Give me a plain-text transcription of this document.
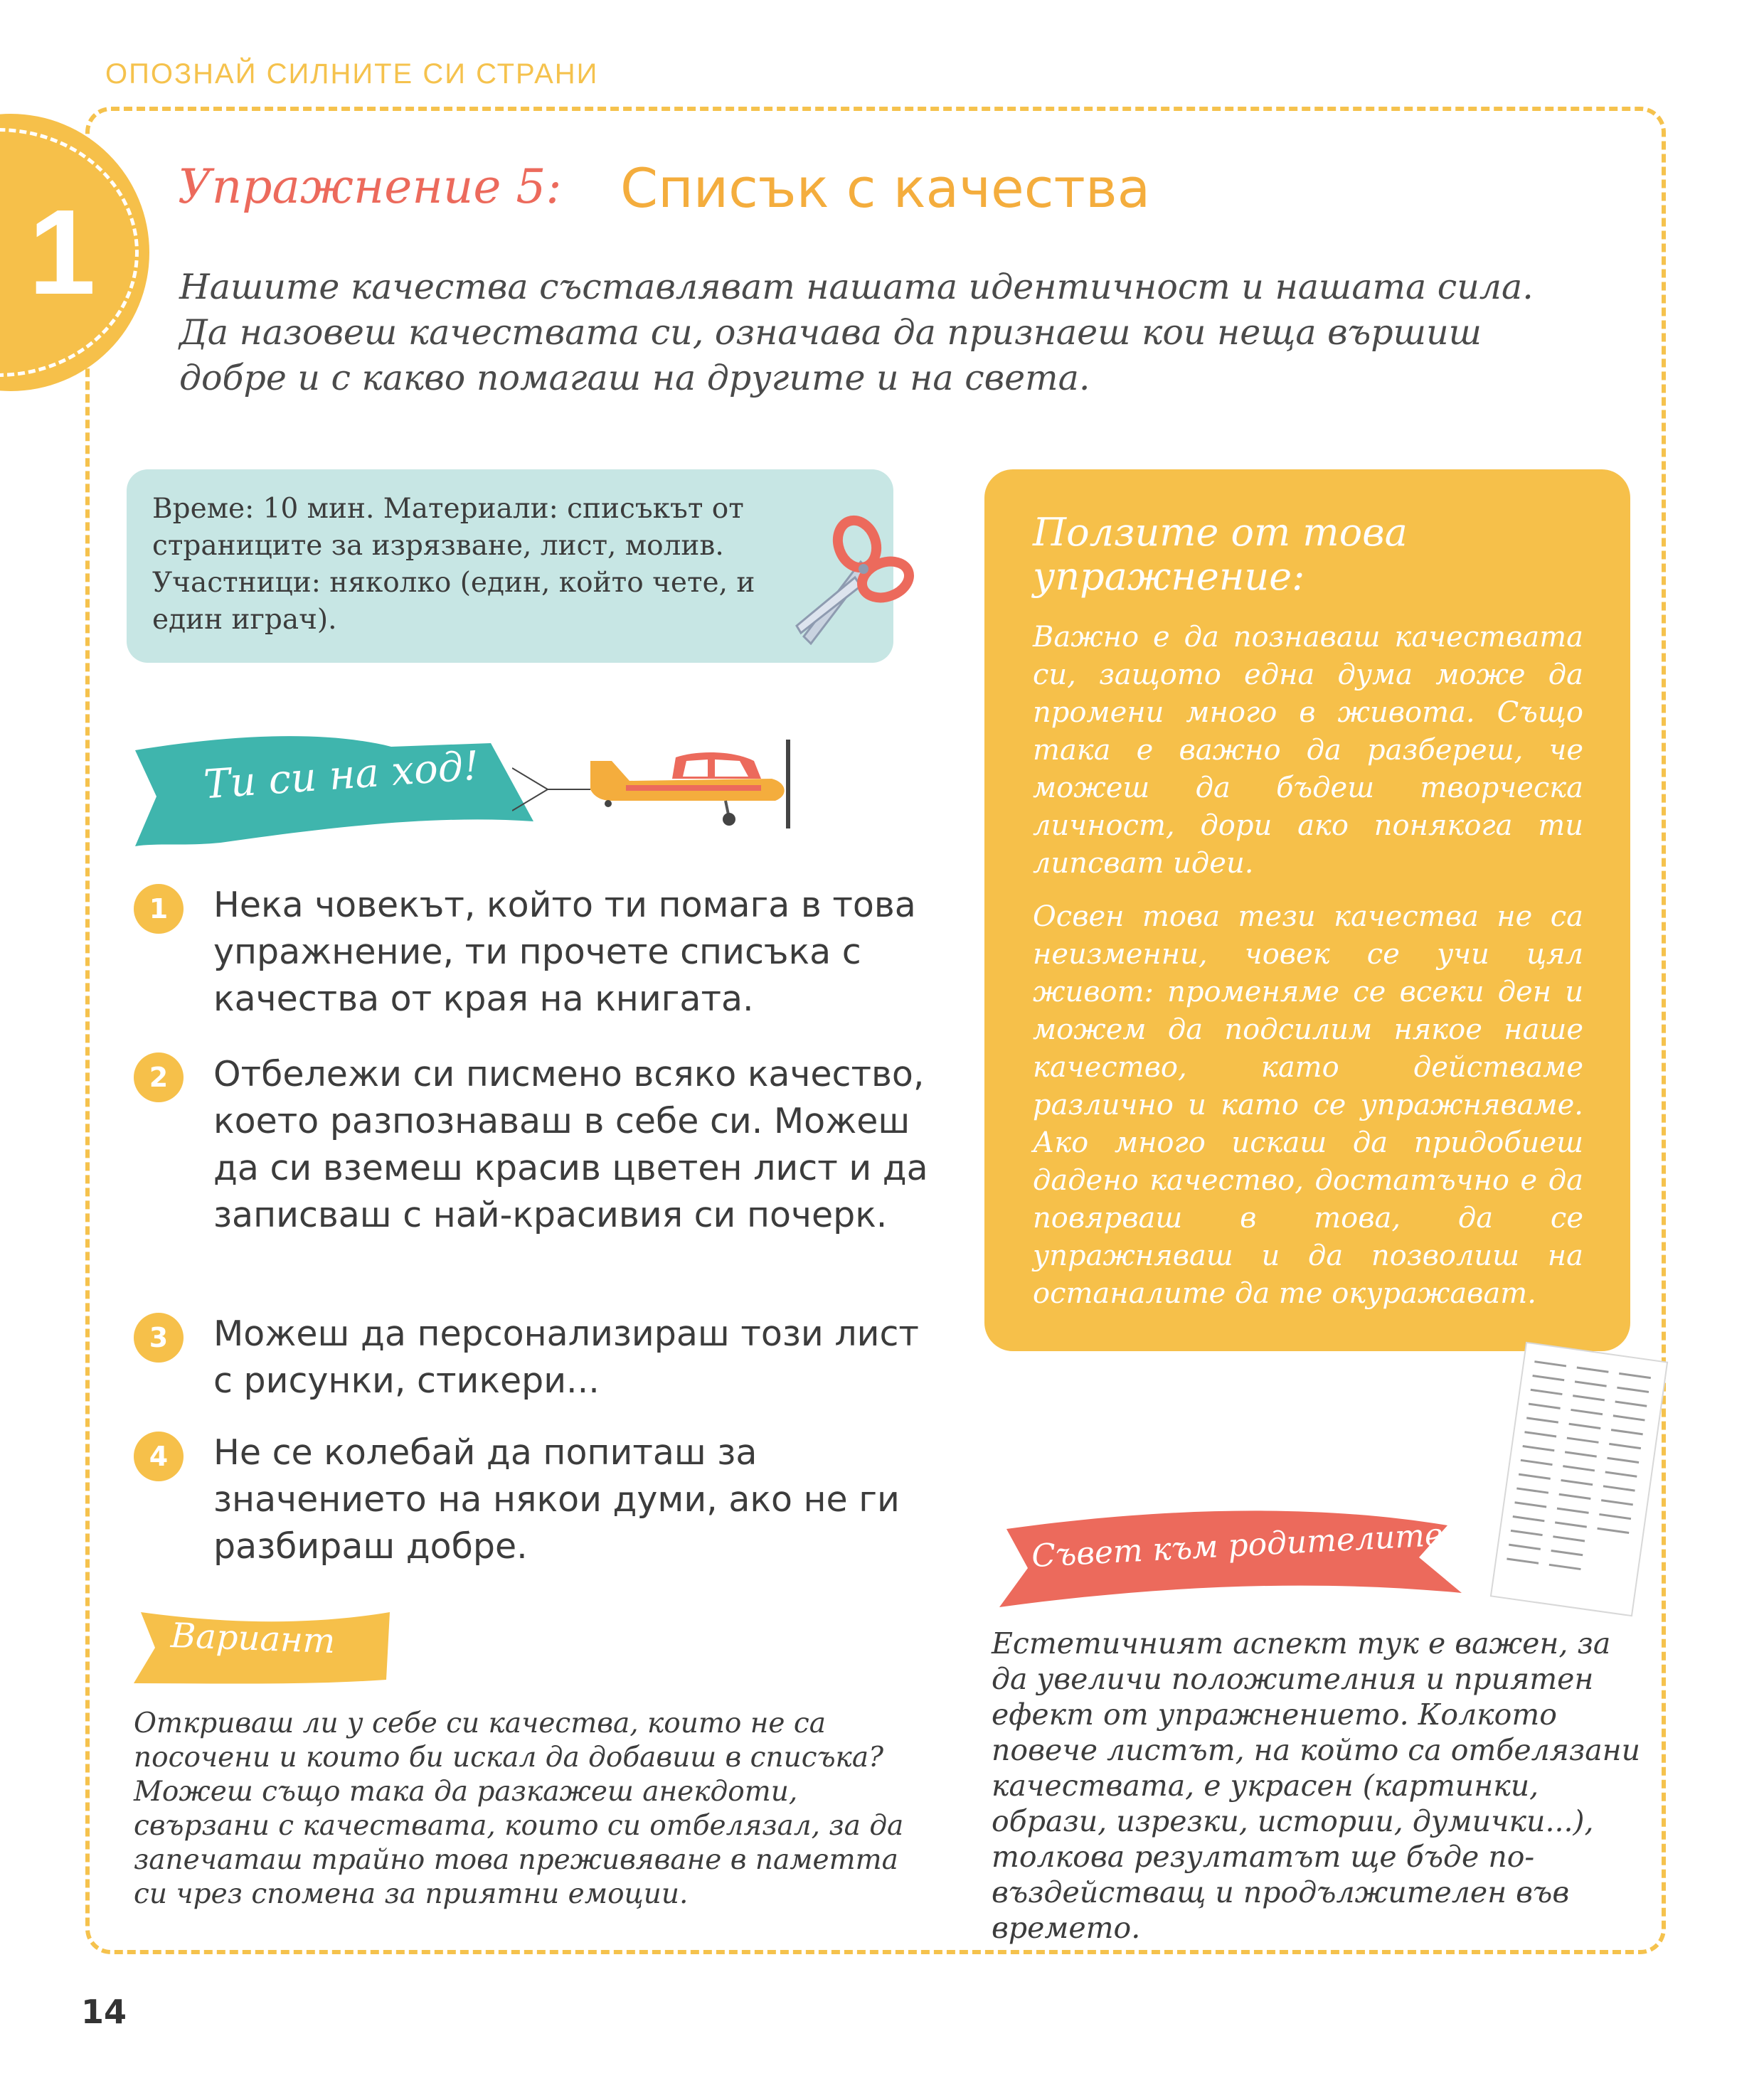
ОПОЗНАЙ СИЛНИТЕ СИ СТРАНИ
1 Упражнение 5: Списък с качества
Нашите качества съставляват нашата идентичност и нашата сила. Да назовеш качествата си, означава да признаеш кои неща вършиш добре и с какво помагаш на другите и на света.
Време: 10 мин. Материали: списъкът от страниците за изрязване, лист, молив. Участници: няколко (един, който чете, и един играч).
Ти си на ход!
1	Нека човекът, който ти помага в това упражнение, ти прочете списъка с качества от края на книгата.
2	Отбележи си писмено всяко качество, което разпознаваш в себе си. Можеш да си вземеш красив цветен лист и да записваш с най-красивия си почерк.
3	Можеш да персонализираш този лист с рисунки, стикери...
4	Не се колебай да попиташ за значението на някои думи, ако не ги разбираш добре.
Вариант
Откриваш ли у себе си качества, които не са посочени и които би искал да добавиш в списъка? Можеш също така да разкажеш анекдоти, свързани с качествата, които си отбелязал, за да запечаташ трайно това преживяване в паметта си чрез спомена за приятни емоции.
Ползите от това упражнение:
Важно е да познаваш качествата си, защото една дума може да промени много в живота. Също така е важно да разбереш, че можеш да бъдеш творческа личност, дори ако понякога ти липсват идеи.
Освен това тези качества не са неизменни, човек се учи цял живот: променяме се всеки ден и можем да подсилим някое наше качество, като действаме различно и като се упражняваме. Ако много искаш да придобиеш дадено качество, достатъчно е да повярваш в това, да се упражняваш и да позволиш на останалите да те окуражават.
Съвет към родителите
Естетичният аспект тук е важен, за да увеличи положителния и приятен ефект от упражнението. Колкото повече листът, на който са отбелязани качествата, е украсен (картинки, образи, изрезки, истории, думички...), толкова резултатът ще бъде по-въздействащ и продължителен във времето.
14
